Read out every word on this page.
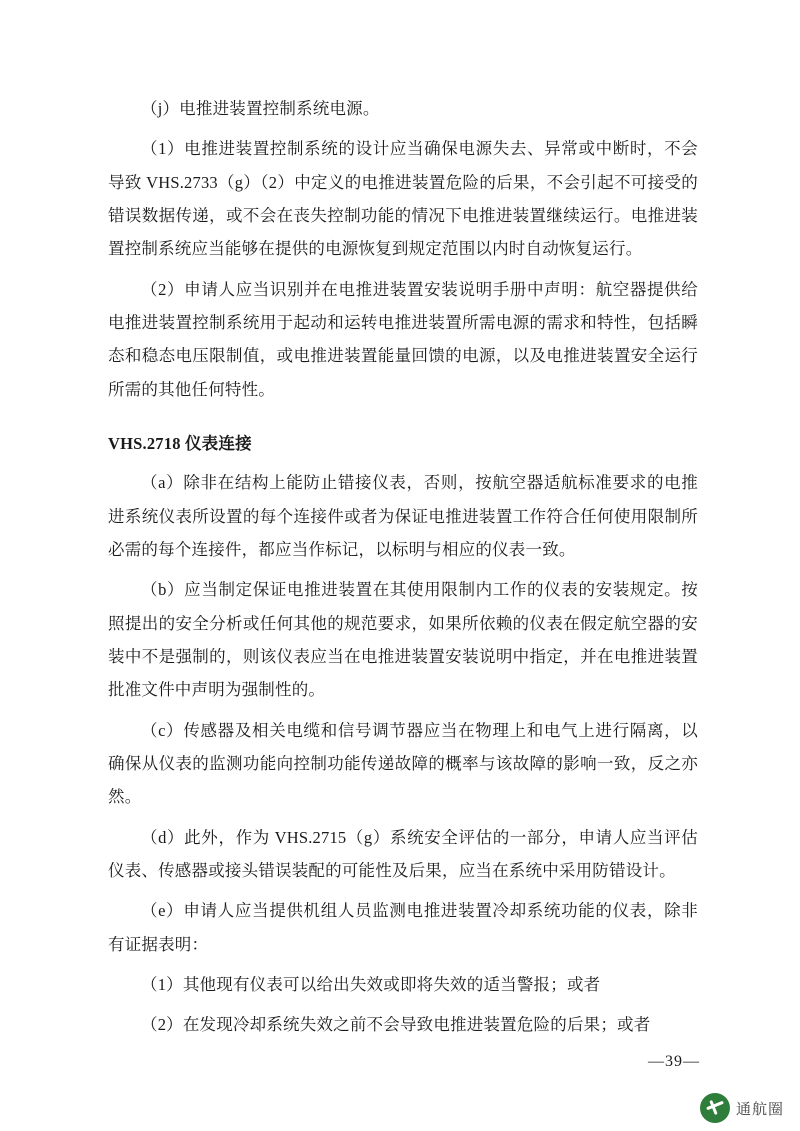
（j）电推进装置控制系统电源。

（1）电推进装置控制系统的设计应当确保电源失去、异常或中断时，不会导致 VHS.2733（g）（2）中定义的电推进装置危险的后果，不会引起不可接受的错误数据传递，或不会在丧失控制功能的情况下电推进装置继续运行。电推进装置控制系统应当能够在提供的电源恢复到规定范围以内时自动恢复运行。

（2）申请人应当识别并在电推进装置安装说明手册中声明：航空器提供给电推进装置控制系统用于起动和运转电推进装置所需电源的需求和特性，包括瞬态和稳态电压限制值，或电推进装置能量回馈的电源，以及电推进装置安全运行所需的其他任何特性。

VHS.2718 仪表连接

（a）除非在结构上能防止错接仪表，否则，按航空器适航标准要求的电推进系统仪表所设置的每个连接件或者为保证电推进装置工作符合任何使用限制所必需的每个连接件，都应当作标记，以标明与相应的仪表一致。

（b）应当制定保证电推进装置在其使用限制内工作的仪表的安装规定。按照提出的安全分析或任何其他的规范要求，如果所依赖的仪表在假定航空器的安装中不是强制的，则该仪表应当在电推进装置安装说明中指定，并在电推进装置批准文件中声明为强制性的。

（c）传感器及相关电缆和信号调节器应当在物理上和电气上进行隔离，以确保从仪表的监测功能向控制功能传递故障的概率与该故障的影响一致，反之亦然。

（d）此外，作为 VHS.2715（g）系统安全评估的一部分，申请人应当评估仪表、传感器或接头错误装配的可能性及后果，应当在系统中采用防错设计。

（e）申请人应当提供机组人员监测电推进装置冷却系统功能的仪表，除非有证据表明：

（1）其他现有仪表可以给出失效或即将失效的适当警报；或者

（2）在发现冷却系统失效之前不会导致电推进装置危险的后果；或者

—39—
通航圈
